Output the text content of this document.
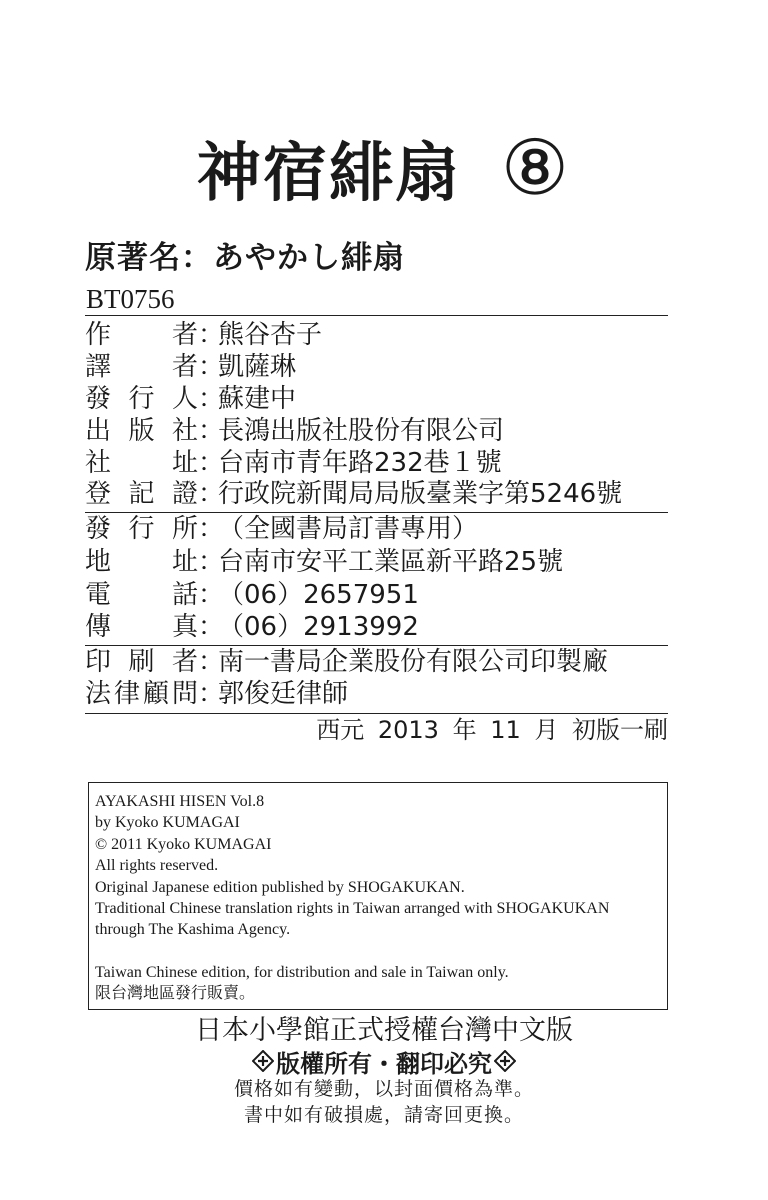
神宿緋扇 ⑧
原著名：あやかし緋扇
BT0756
作　者 ：
熊谷杏子
譯　者 ：
凱薩琳
發行人 ：
蘇建中
出版社 ：
長鴻出版社股份有限公司
社　址 ：
台南市青年路232巷１號
登記證 ：
行政院新聞局局版臺業字第5246號
發行所 ：
（全國書局訂書專用）
地　址 ：
台南市安平工業區新平路25號
電　話 ：
（06）2657951
傳　真 ：
（06）2913992
印刷者 ：
南一書局企業股份有限公司印製廠
法律顧問 ：
郭俊廷律師
西元 2013 年 11 月 初版一刷
AYAKASHI HISEN Vol.8
by Kyoko KUMAGAI
© 2011 Kyoko KUMAGAI
All rights reserved.
Original Japanese edition published by SHOGAKUKAN.
Traditional Chinese translation rights in Taiwan arranged with SHOGAKUKAN
through The Kashima Agency.
Taiwan Chinese edition, for distribution and sale in Taiwan only.
限台灣地區發行販賣。
日本小學館正式授權台灣中文版
版權所有・翻印必究
價格如有變動，以封面價格為準。
書中如有破損處，請寄回更換。
